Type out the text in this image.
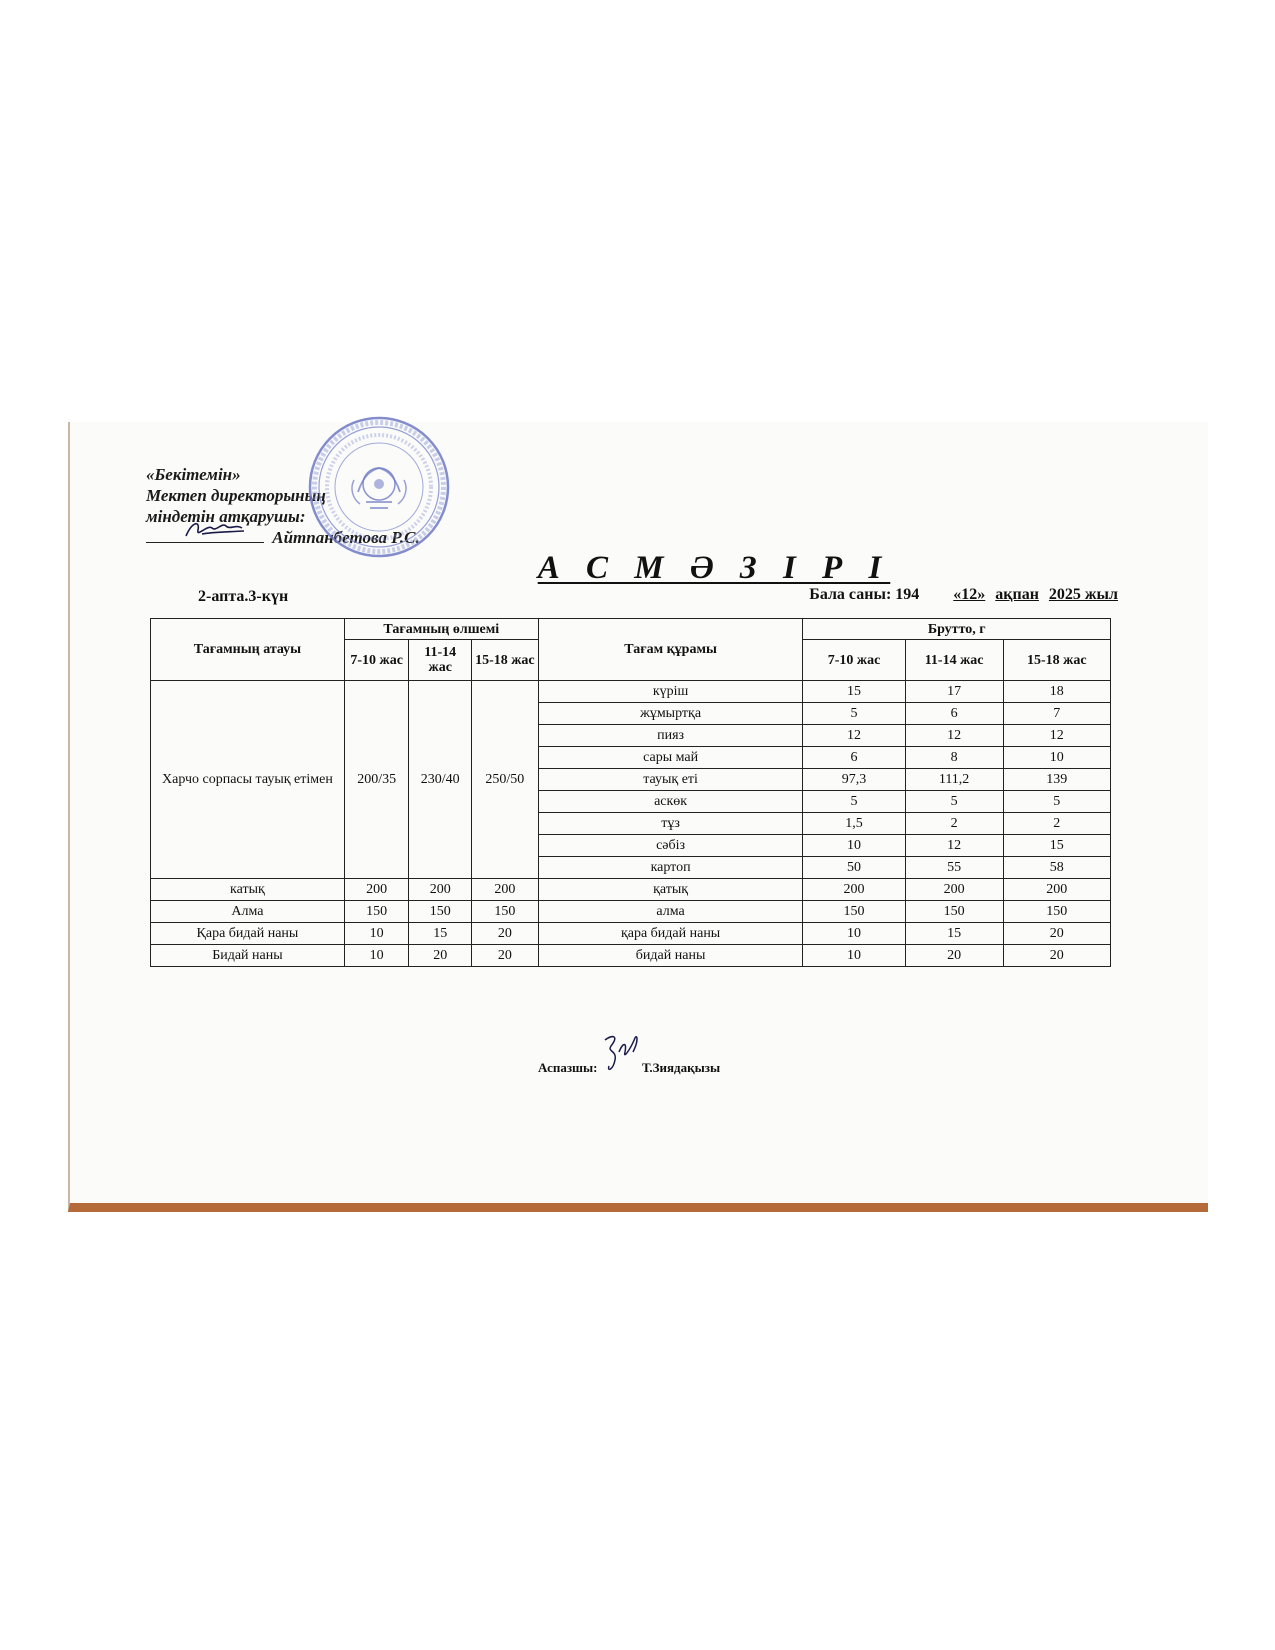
«Бекітемін»
Мектеп директорының
міндетін атқарушы:
Айтпанбетова Р.С.
А С М Ә З І Р І
2-апта.3-күн	Бала саны: 194 «12» ақпан 2025 жыл
Тағамның атауы	Тағамның өлшемі			Тағам құрамы	Брутто, г		
	7-10 жас	11-14 жас	15-18 жас		7-10 жас	11-14 жас	15-18 жас
Харчо сорпасы тауық етімен	200/35	230/40	250/50	күріш	15	17	18
				жұмыртқа	5	6	7
				пияз	12	12	12
				сары май	6	8	10
				тауық еті	97,3	111,2	139
				аскөк	5	5	5
				тұз	1,5	2	2
				сәбіз	10	12	15
				картоп	50	55	58
катық	200	200	200	қатық	200	200	200
Алма	150	150	150	алма	150	150	150
Қара бидай наны	10	15	20	қара бидай наны	10	15	20
Бидай наны	10	20	20	бидай наны	10	20	20
Аспазшы:	Т.Зиядақызы
